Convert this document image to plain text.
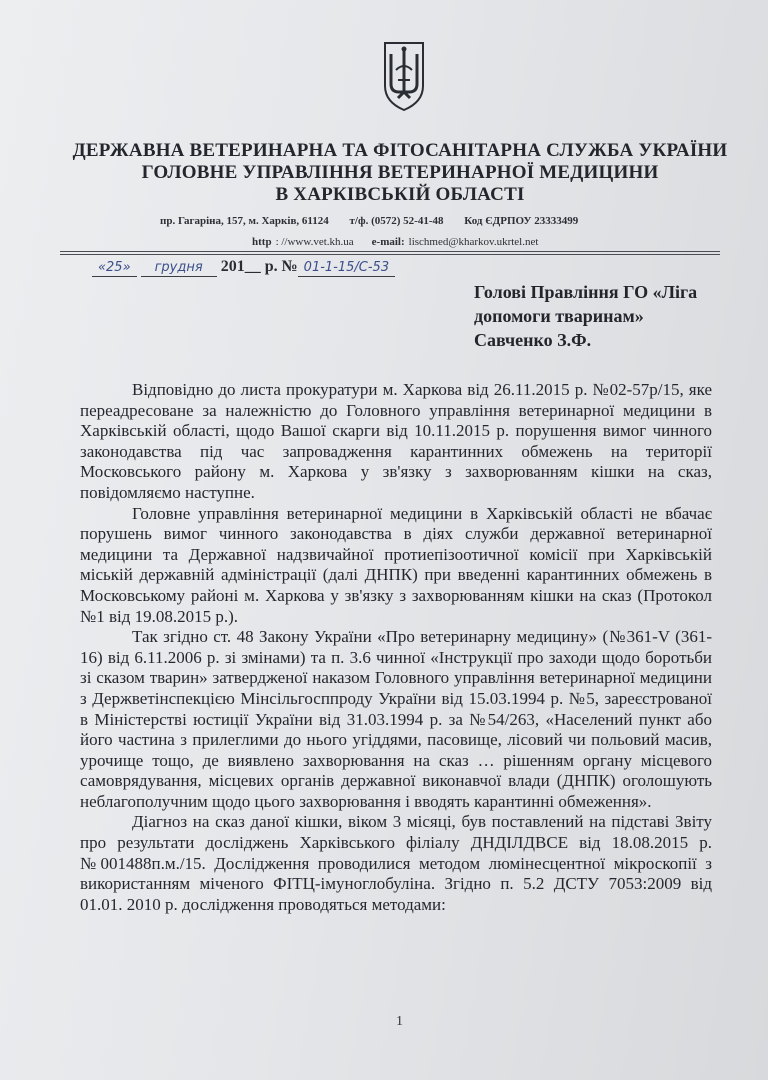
ДЕРЖАВНА ВЕТЕРИНАРНА ТА ФІТОСАНІТАРНА СЛУЖБА УКРАЇНИ
ГОЛОВНЕ УПРАВЛІННЯ ВЕТЕРИНАРНОЇ МЕДИЦИНИ
В ХАРКІВСЬКІЙ ОБЛАСТІ
пр. Гагаріна, 157, м. Харків, 61124 т/ф. (0572) 52-41-48 Код ЄДРПОУ 23333499
http : //www.vet.kh.ua e-mail: lischmed@kharkov.ukrtel.net
«25» грудня 201__ р. № 01-1-15/С-53
Голові Правління ГО «Ліга
допомоги тваринам»
Савченко З.Ф.

Відповідно до листа прокуратури м. Харкова від 26.11.2015 р. №02-57р/15, яке переадресоване за належністю до Головного управління ветеринарної медицини в Харківській області, щодо Вашої скарги від 10.11.2015 р. порушення вимог чинного законодавства під час запровадження карантинних обмежень на території Московського району м. Харкова у зв'язку з захворюванням кішки на сказ, повідомляємо наступне.

Головне управління ветеринарної медицини в Харківській області не вбачає порушень вимог чинного законодавства в діях служби державної ветеринарної медицини та Державної надзвичайної протиепізоотичної комісії при Харківській міській державній адміністрації (далі ДНПК) при введенні карантинних обмежень в Московському районі м. Харкова у зв'язку з захворюванням кішки на сказ (Протокол №1 від 19.08.2015 р.).

Так згідно ст. 48 Закону України «Про ветеринарну медицину» (№361-V (361-16) від 6.11.2006 р. зі змінами) та п. 3.6 чинної «Інструкції про заходи щодо боротьби зі сказом тварин» затвердженої наказом Головного управління ветеринарної медицини з Держветінспекцією Мінсільгосппроду України від 15.03.1994 р. №5, зареєстрованої в Міністерстві юстиції України від 31.03.1994 р. за №54/263, «Населений пункт або його частина з прилеглими до нього угіддями, пасовище, лісовий чи польовий масив, урочище тощо, де виявлено захворювання на сказ … рішенням органу місцевого самоврядування, місцевих органів державної виконавчої влади (ДНПК) оголошують неблагополучним щодо цього захворювання і вводять карантинні обмеження».

Діагноз на сказ даної кішки, віком 3 місяці, був поставлений на підставі Звіту про результати досліджень Харківського філіалу ДНДІЛДВСЕ від 18.08.2015 р. №001488п.м./15. Дослідження проводилися методом люмінесцентної мікроскопії з використанням міченого ФІТЦ-імуноглобуліна. Згідно п. 5.2 ДСТУ 7053:2009 від 01.01. 2010 р. дослідження проводяться методами:

1
